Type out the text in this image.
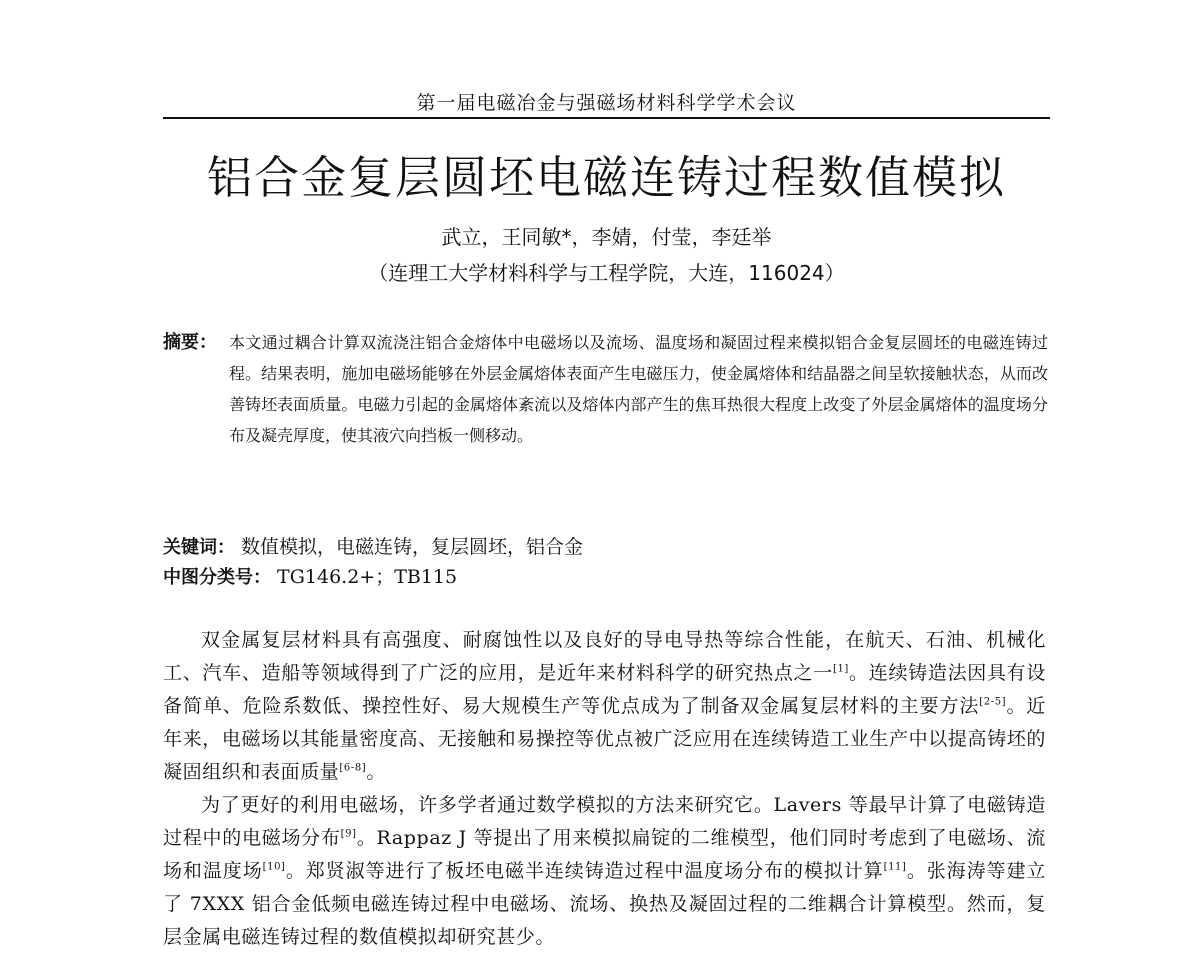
第一届电磁冶金与强磁场材料科学学术会议
铝合金复层圆坯电磁连铸过程数值模拟
武立，王同敏*，李婧，付莹，李廷举
（连理工大学材料科学与工程学院，大连，116024）
摘要： 本文通过耦合计算双流浇注铝合金熔体中电磁场以及流场、温度场和凝固过程来模拟铝合金复层圆坯的电磁连铸过程。结果表明，施加电磁场能够在外层金属熔体表面产生电磁压力，使金属熔体和结晶器之间呈软接触状态，从而改善铸坯表面质量。电磁力引起的金属熔体紊流以及熔体内部产生的焦耳热很大程度上改变了外层金属熔体的温度场分布及凝壳厚度，使其液穴向挡板一侧移动。
关键词： 数值模拟，电磁连铸，复层圆坯，铝合金
中图分类号： TG146.2+；TB115

双金属复层材料具有高强度、耐腐蚀性以及良好的导电导热等综合性能，在航天、石油、机械化工、汽车、造船等领域得到了广泛的应用，是近年来材料科学的研究热点之一[1]。连续铸造法因具有设备简单、危险系数低、操控性好、易大规模生产等优点成为了制备双金属复层材料的主要方法[2-5]。近年来，电磁场以其能量密度高、无接触和易操控等优点被广泛应用在连续铸造工业生产中以提高铸坯的凝固组织和表面质量[6-8]。

为了更好的利用电磁场，许多学者通过数学模拟的方法来研究它。Lavers 等最早计算了电磁铸造过程中的电磁场分布[9]。Rappaz J 等提出了用来模拟扁锭的二维模型，他们同时考虑到了电磁场、流场和温度场[10]。郑贤淑等进行了板坯电磁半连续铸造过程中温度场分布的模拟计算[11]。张海涛等建立了 7XXX 铝合金低频电磁连铸过程中电磁场、流场、换热及凝固过程的二维耦合计算模型。然而，复层金属电磁连铸过程的数值模拟却研究甚少。
